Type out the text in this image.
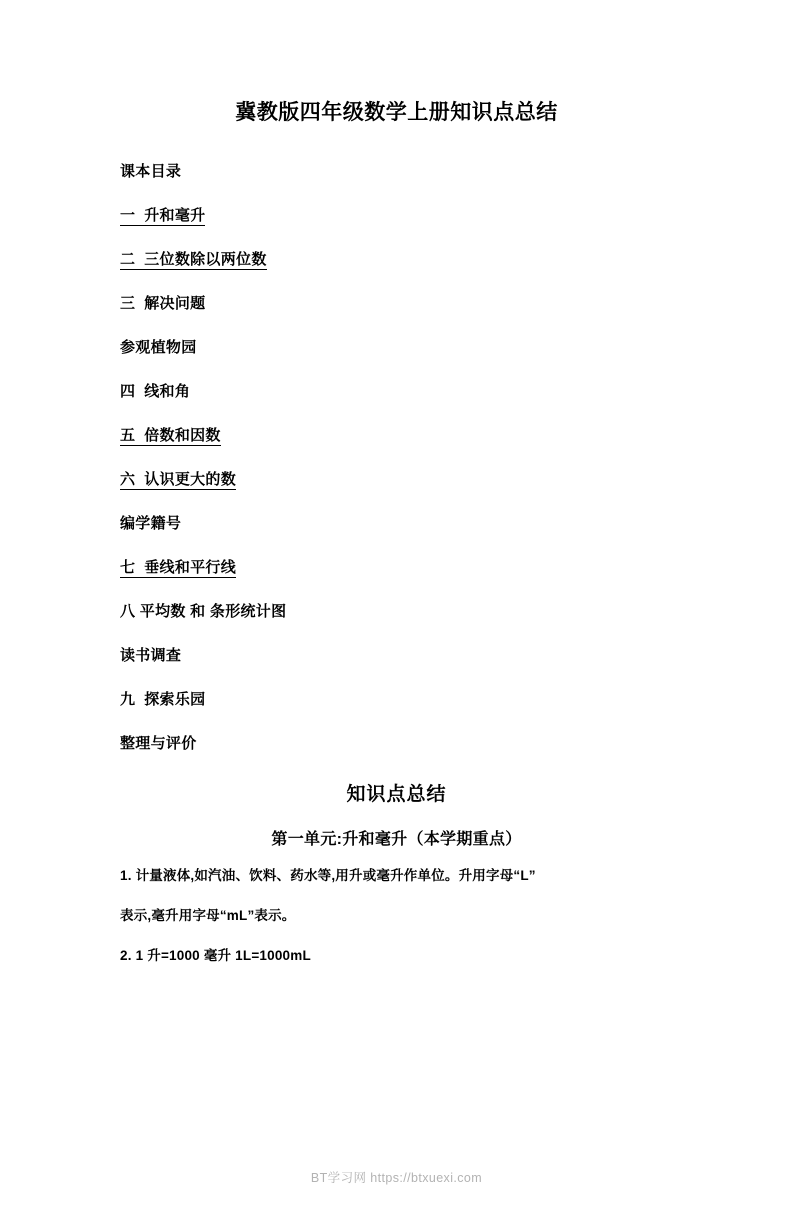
冀教版四年级数学上册知识点总结
课本目录
一  升和毫升
二  三位数除以两位数
三  解决问题
参观植物园
四  线和角
五  倍数和因数
六  认识更大的数
编学籍号
七  垂线和平行线
八 平均数 和 条形统计图
读书调查
九  探索乐园
整理与评价
知识点总结
第一单元:升和毫升（本学期重点）
1. 计量液体,如汽油、饮料、药水等,用升或毫升作单位。升用字母“L”
表示,毫升用字母“mL”表示。
2. 1 升=1000 毫升 1L=1000mL
BT学习网 https://btxuexi.com
